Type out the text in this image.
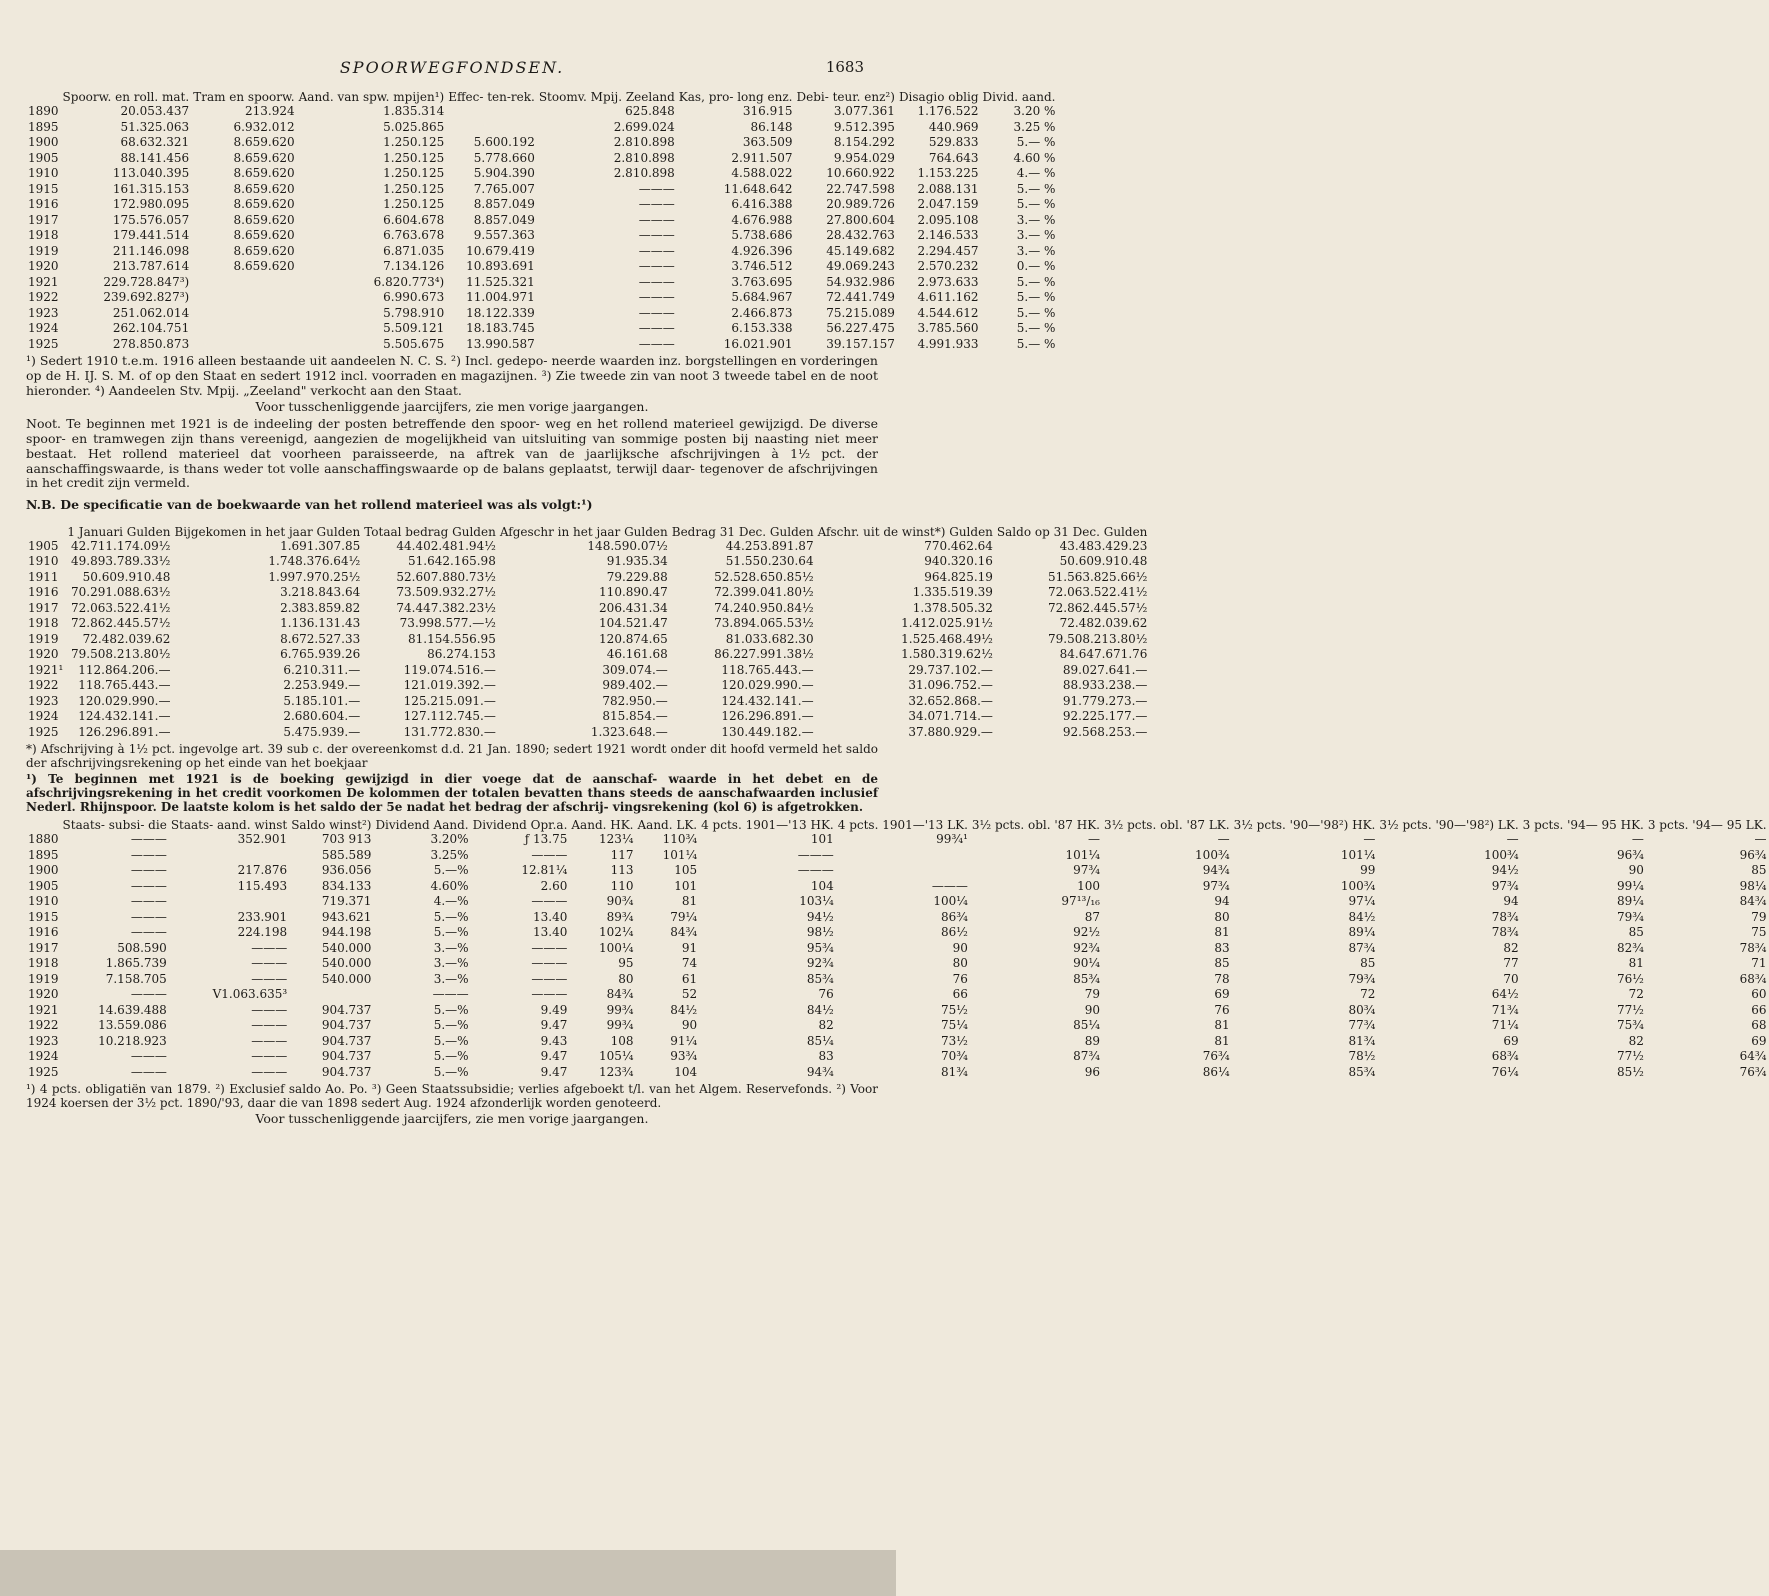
SPOORWEGFONDSEN.	1683
	Spoorw. en roll. mat.	Tram en spoorw.	Aand. van spw. mpijen¹)	Effec- ten-rek.	Stoomv. Mpij. Zeeland	Kas, pro- long enz.	Debi- teur. enz²)	Disagio oblig	Divid. aand.
1890	20.053.437	213.924	1.835.314		625.848	316.915	3.077.361	1.176.522	3.20 %
1895	51.325.063	6.932.012	5.025.865		2.699.024	86.148	9.512.395	440.969	3.25 %
1900	68.632.321	8.659.620	1.250.125	5.600.192	2.810.898	363.509	8.154.292	529.833	5.— %
1905	88.141.456	8.659.620	1.250.125	5.778.660	2.810.898	2.911.507	9.954.029	764.643	4.60 %
1910	113.040.395	8.659.620	1.250.125	5.904.390	2.810.898	4.588.022	10.660.922	1.153.225	4.— %
1915	161.315.153	8.659.620	1.250.125	7.765.007	———	11.648.642	22.747.598	2.088.131	5.— %
1916	172.980.095	8.659.620	1.250.125	8.857.049	———	6.416.388	20.989.726	2.047.159	5.— %
1917	175.576.057	8.659.620	6.604.678	8.857.049	———	4.676.988	27.800.604	2.095.108	3.— %
1918	179.441.514	8.659.620	6.763.678	9.557.363	———	5.738.686	28.432.763	2.146.533	3.— %
1919	211.146.098	8.659.620	6.871.035	10.679.419	———	4.926.396	45.149.682	2.294.457	3.— %
1920	213.787.614	8.659.620	7.134.126	10.893.691	———	3.746.512	49.069.243	2.570.232	0.— %
1921	229.728.847³)		6.820.773⁴)	11.525.321	———	3.763.695	54.932.986	2.973.633	5.— %
1922	239.692.827³)		6.990.673	11.004.971	———	5.684.967	72.441.749	4.611.162	5.— %
1923	251.062.014		5.798.910	18.122.339	———	2.466.873	75.215.089	4.544.612	5.— %
1924	262.104.751		5.509.121	18.183.745	———	6.153.338	56.227.475	3.785.560	5.— %
1925	278.850.873		5.505.675	13.990.587	———	16.021.901	39.157.157	4.991.933	5.— %

¹) Sedert 1910 t.e.m. 1916 alleen bestaande uit aandeelen N. C. S. ²) Incl. gedepo- neerde waarden inz. borgstellingen en vorderingen op de H. IJ. S. M. of op den Staat en sedert 1912 incl. voorraden en magazijnen. ³) Zie tweede zin van noot 3 tweede tabel en de noot hieronder. ⁴) Aandeelen Stv. Mpij. „Zeeland" verkocht aan den Staat.

Voor tusschenliggende jaarcijfers, zie men vorige jaargangen.

Noot. Te beginnen met 1921 is de indeeling der posten betreffende den spoor- weg en het rollend materieel gewijzigd. De diverse spoor- en tramwegen zijn thans vereenigd, aangezien de mogelijkheid van uitsluiting van sommige posten bij naasting niet meer bestaat. Het rollend materieel dat voorheen paraisseerde, na aftrek van de jaarlijksche afschrijvingen à 1½ pct. der aanschaffingswaarde, is thans weder tot volle aanschaffingswaarde op de balans geplaatst, terwijl daar- tegenover de afschrijvingen in het credit zijn vermeld.

N.B. De specificatie van de boekwaarde van het rollend materieel was als volgt:¹)

	1 Januari Gulden	Bijgekomen in het jaar Gulden	Totaal bedrag Gulden	Afgeschr in het jaar Gulden	Bedrag 31 Dec. Gulden	Afschr. uit de winst*) Gulden	Saldo op 31 Dec. Gulden
1905	42.711.174.09½	1.691.307.85	44.402.481.94½	148.590.07½	44.253.891.87	770.462.64	43.483.429.23
1910	49.893.789.33½	1.748.376.64½	51.642.165.98	91.935.34	51.550.230.64	940.320.16	50.609.910.48
1911	50.609.910.48	1.997.970.25½	52.607.880.73½	79.229.88	52.528.650.85½	964.825.19	51.563.825.66½
1916	70.291.088.63½	3.218.843.64	73.509.932.27½	110.890.47	72.399.041.80½	1.335.519.39	72.063.522.41½
1917	72.063.522.41½	2.383.859.82	74.447.382.23½	206.431.34	74.240.950.84½	1.378.505.32	72.862.445.57½
1918	72.862.445.57½	1.136.131.43	73.998.577.—½	104.521.47	73.894.065.53½	1.412.025.91½	72.482.039.62
1919	72.482.039.62	8.672.527.33	81.154.556.95	120.874.65	81.033.682.30	1.525.468.49½	79.508.213.80½
1920	79.508.213.80½	6.765.939.26	86.274.153	46.161.68	86.227.991.38½	1.580.319.62½	84.647.671.76
1921¹	112.864.206.—	6.210.311.—	119.074.516.—	309.074.—	118.765.443.—	29.737.102.—	89.027.641.—
1922	118.765.443.—	2.253.949.—	121.019.392.—	989.402.—	120.029.990.—	31.096.752.—	88.933.238.—
1923	120.029.990.—	5.185.101.—	125.215.091.—	782.950.—	124.432.141.—	32.652.868.—	91.779.273.—
1924	124.432.141.—	2.680.604.—	127.112.745.—	815.854.—	126.296.891.—	34.071.714.—	92.225.177.—
1925	126.296.891.—	5.475.939.—	131.772.830.—	1.323.648.—	130.449.182.—	37.880.929.—	92.568.253.—

*) Afschrijving à 1½ pct. ingevolge art. 39 sub c. der overeenkomst d.d. 21 Jan. 1890; sedert 1921 wordt onder dit hoofd vermeld het saldo der afschrijvingsrekening op het einde van het boekjaar

¹) Te beginnen met 1921 is de boeking gewijzigd in dier voege dat de aanschaf- waarde in het debet en de afschrijvingsrekening in het credit voorkomen De kolommen der totalen bevatten thans steeds de aanschafwaarden inclusief Nederl. Rhijnspoor. De laatste kolom is het saldo der 5e nadat het bedrag der afschrij- vingsrekening (kol 6) is afgetrokken.

	Staats- subsi- die	Staats- aand. winst	Saldo winst²)	Dividend Aand.	Dividend Opr.a.	Aand. HK.	Aand. LK.	4 pcts. 1901—'13 HK.	4 pcts. 1901—'13 LK.	3½ pcts. obl. '87 HK.	3½ pcts. obl. '87 LK.	3½ pcts. '90—'98²) HK.	3½ pcts. '90—'98²) LK.	3 pcts. '94— 95 HK.	3 pcts. '94— 95 LK.
1880	———	352.901	703 913	3.20%	ƒ 13.75	123¼	110¾	101	99¾¹	—	—	—	—	—	—
1895	———		585.589	3.25%	———	117	101¼	———		101¼	100¾	101¼	100¾	96¾	96¾
1900	———	217.876	936.056	5.—%	12.81¼	113	105	———		97¾	94¾	99	94½	90	85
1905	———	115.493	834.133	4.60%	2.60	110	101	104	———	100	97¾	100¾	97¾	99¼	98¼
1910	———		719.371	4.—%	———	90¾	81	103¼	100¼	97¹³/₁₆	94	97¼	94	89¼	84¾
1915	———	233.901	943.621	5.—%	13.40	89¾	79¼	94½	86¾	87	80	84½	78¾	79¾	79
1916	———	224.198	944.198	5.—%	13.40	102¼	84¾	98½	86½	92½	81	89¼	78¾	85	75
1917	508.590	———	540.000	3.—%	———	100¼	91	95¾	90	92¾	83	87¾	82	82¾	78¾
1918	1.865.739	———	540.000	3.—%	———	95	74	92¾	80	90¼	85	85	77	81	71
1919	7.158.705	———	540.000	3.—%	———	80	61	85¾	76	85¾	78	79¾	70	76½	68¾
1920	———	V1.063.635³		———	———	84¾	52	76	66	79	69	72	64½	72	60
1921	14.639.488	———	904.737	5.—%	9.49	99¾	84½	84½	75½	90	76	80¾	71¾	77½	66
1922	13.559.086	———	904.737	5.—%	9.47	99¾	90	82	75¼	85¼	81	77¾	71¼	75¾	68
1923	10.218.923	———	904.737	5.—%	9.43	108	91¼	85¼	73½	89	81	81¾	69	82	69
1924	———	———	904.737	5.—%	9.47	105¼	93¾	83	70¾	87¾	76¾	78½	68¾	77½	64¾
1925	———	———	904.737	5.—%	9.47	123¾	104	94¾	81¾	96	86¼	85¾	76¼	85½	76¾

¹) 4 pcts. obligatiën van 1879. ²) Exclusief saldo Ao. Po. ³) Geen Staatssubsidie; verlies afgeboekt t/l. van het Algem. Reservefonds. ²) Voor 1924 koersen der 3½ pct. 1890/'93, daar die van 1898 sedert Aug. 1924 afzonderlijk worden genoteerd.

Voor tusschenliggende jaarcijfers, zie men vorige jaargangen.
